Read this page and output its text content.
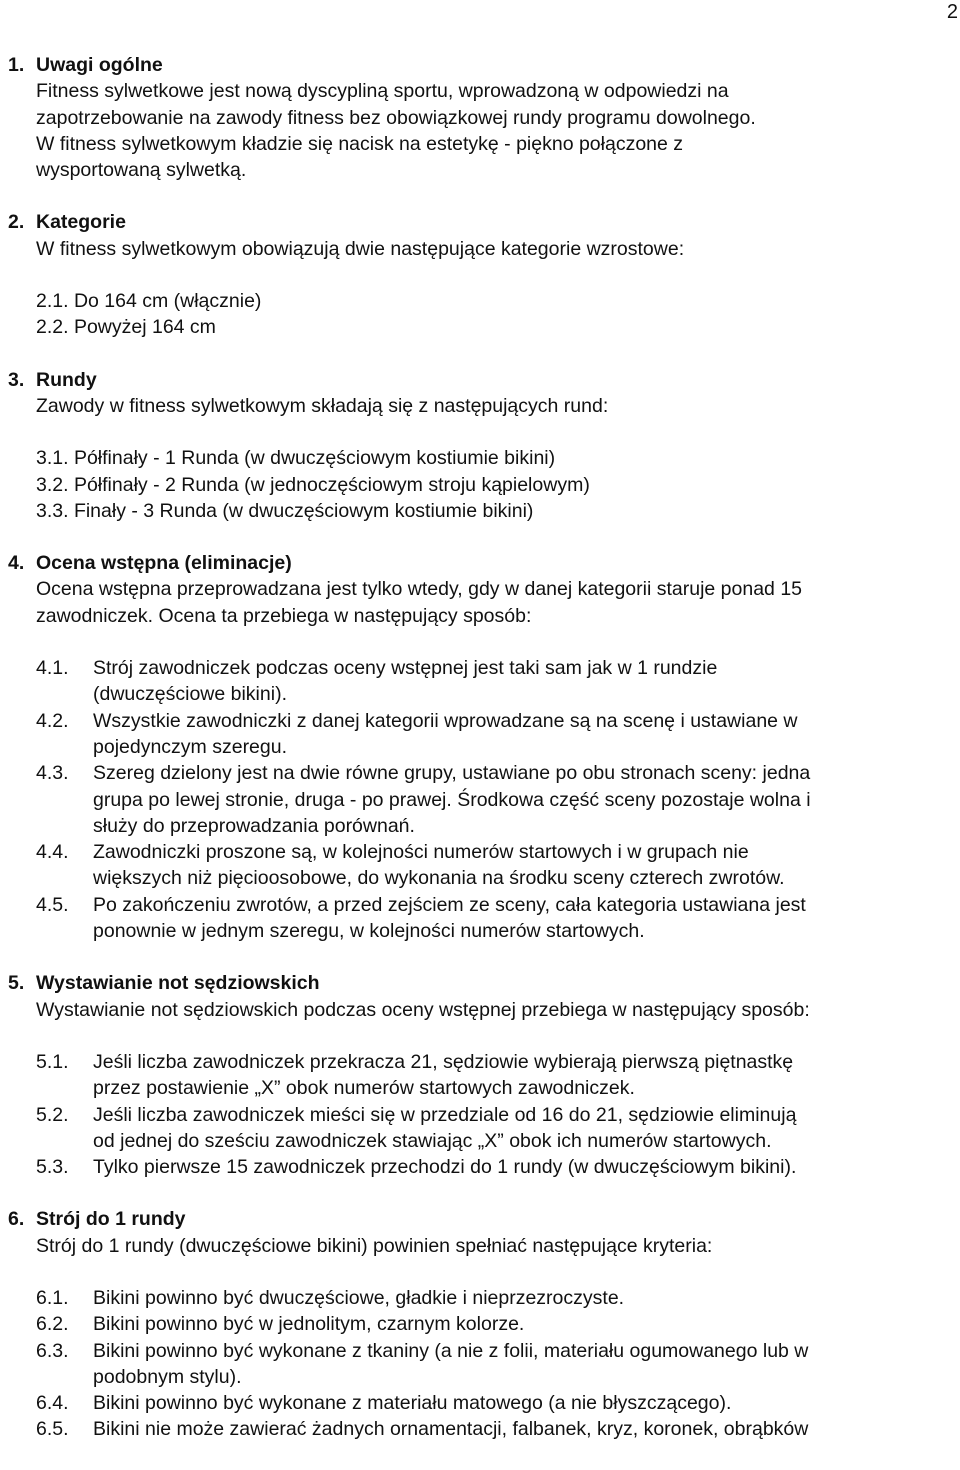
2
1. Uwagi ogólne
Fitness sylwetkowe jest nową dyscypliną sportu, wprowadzoną w odpowiedzi na
zapotrzebowanie na zawody fitness bez obowiązkowej rundy programu dowolnego.
W fitness sylwetkowym kładzie się nacisk na estetykę - piękno połączone z
wysportowaną sylwetką.
2. Kategorie
W fitness sylwetkowym obowiązują dwie następujące kategorie wzrostowe:
2.1. Do 164 cm (włącznie)
2.2. Powyżej 164 cm
3. Rundy
Zawody w fitness sylwetkowym składają się z następujących rund:
3.1. Półfinały - 1 Runda (w dwuczęściowym kostiumie bikini)
3.2. Półfinały - 2 Runda (w jednoczęściowym stroju kąpielowym)
3.3. Finały - 3 Runda (w dwuczęściowym kostiumie bikini)
4. Ocena wstępna (eliminacje)
Ocena wstępna przeprowadzana jest tylko wtedy, gdy w danej kategorii staruje ponad 15
zawodniczek. Ocena ta przebiega w następujący sposób:
4.1.	Strój zawodniczek podczas oceny wstępnej jest taki sam jak w 1 rundzie
(dwuczęściowe bikini).
4.2.	Wszystkie zawodniczki z danej kategorii wprowadzane są na scenę i ustawiane w
pojedynczym szeregu.
4.3.	Szereg dzielony jest na dwie równe grupy, ustawiane po obu stronach sceny: jedna
grupa po lewej stronie, druga - po prawej. Środkowa część sceny pozostaje wolna i
służy do przeprowadzania porównań.
4.4.	Zawodniczki proszone są, w kolejności numerów startowych i w grupach nie
większych niż pięcioosobowe, do wykonania na środku sceny czterech zwrotów.
4.5.	Po zakończeniu zwrotów, a przed zejściem ze sceny, cała kategoria ustawiana jest
ponownie w jednym szeregu, w kolejności numerów startowych.
5. Wystawianie not sędziowskich
Wystawianie not sędziowskich podczas oceny wstępnej przebiega w następujący sposób:
5.1.	Jeśli liczba zawodniczek przekracza 21, sędziowie wybierają pierwszą piętnastkę
przez postawienie „X” obok numerów startowych zawodniczek.
5.2.	Jeśli liczba zawodniczek mieści się w przedziale od 16 do 21, sędziowie eliminują
od jednej do sześciu zawodniczek stawiając „X” obok ich numerów startowych.
5.3.	Tylko pierwsze 15 zawodniczek przechodzi do 1 rundy (w dwuczęściowym bikini).
6. Strój do 1 rundy
Strój do 1 rundy (dwuczęściowe bikini) powinien spełniać następujące kryteria:
6.1.	Bikini powinno być dwuczęściowe, gładkie i nieprzezroczyste.
6.2.	Bikini powinno być w jednolitym, czarnym kolorze.
6.3.	Bikini powinno być wykonane z tkaniny (a nie z folii, materiału ogumowanego lub w
podobnym stylu).
6.4.	Bikini powinno być wykonane z materiału matowego (a nie błyszczącego).
6.5.	Bikini nie może zawierać żadnych ornamentacji, falbanek, kryz, koronek, obrąbków
